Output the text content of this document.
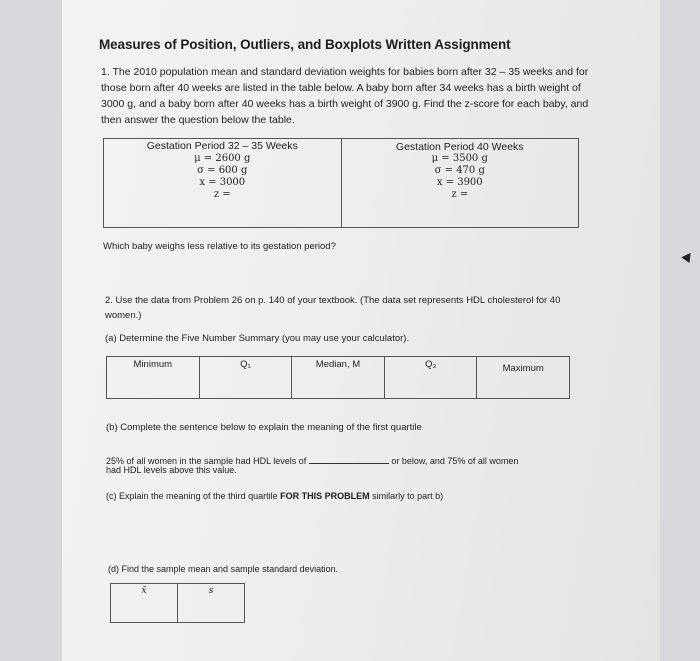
Measures of Position, Outliers, and Boxplots Written Assignment
1. The 2010 population mean and standard deviation weights for babies born after 32 – 35 weeks and for those born after 40 weeks are listed in the table below. A baby born after 34 weeks has a birth weight of 3000 g, and a baby born after 40 weeks has a birth weight of 3900 g. Find the z-score for each baby, and then answer the question below the table.
Gestation Period 32 – 35 Weeks
μ = 2600 g
σ = 600 g
x = 3000
z =

Gestation Period 40 Weeks
μ = 3500 g
σ = 470 g
x = 3900
z =
Which baby weighs less relative to its gestation period?
2. Use the data from Problem 26 on p. 140 of your textbook. (The data set represents HDL cholesterol for 40 women.)
(a) Determine the Five Number Summary (you may use your calculator).
Minimum	Q₁	Median, M	Q₃	Maximum
(b) Complete the sentence below to explain the meaning of the first quartile
25% of all women in the sample had HDL levels of	or below, and 75% of all women
had HDL levels above this value.
(c) Explain the meaning of the third quartile FOR THIS PROBLEM similarly to part b)
(d) Find the sample mean and sample standard deviation.
x̄	s
